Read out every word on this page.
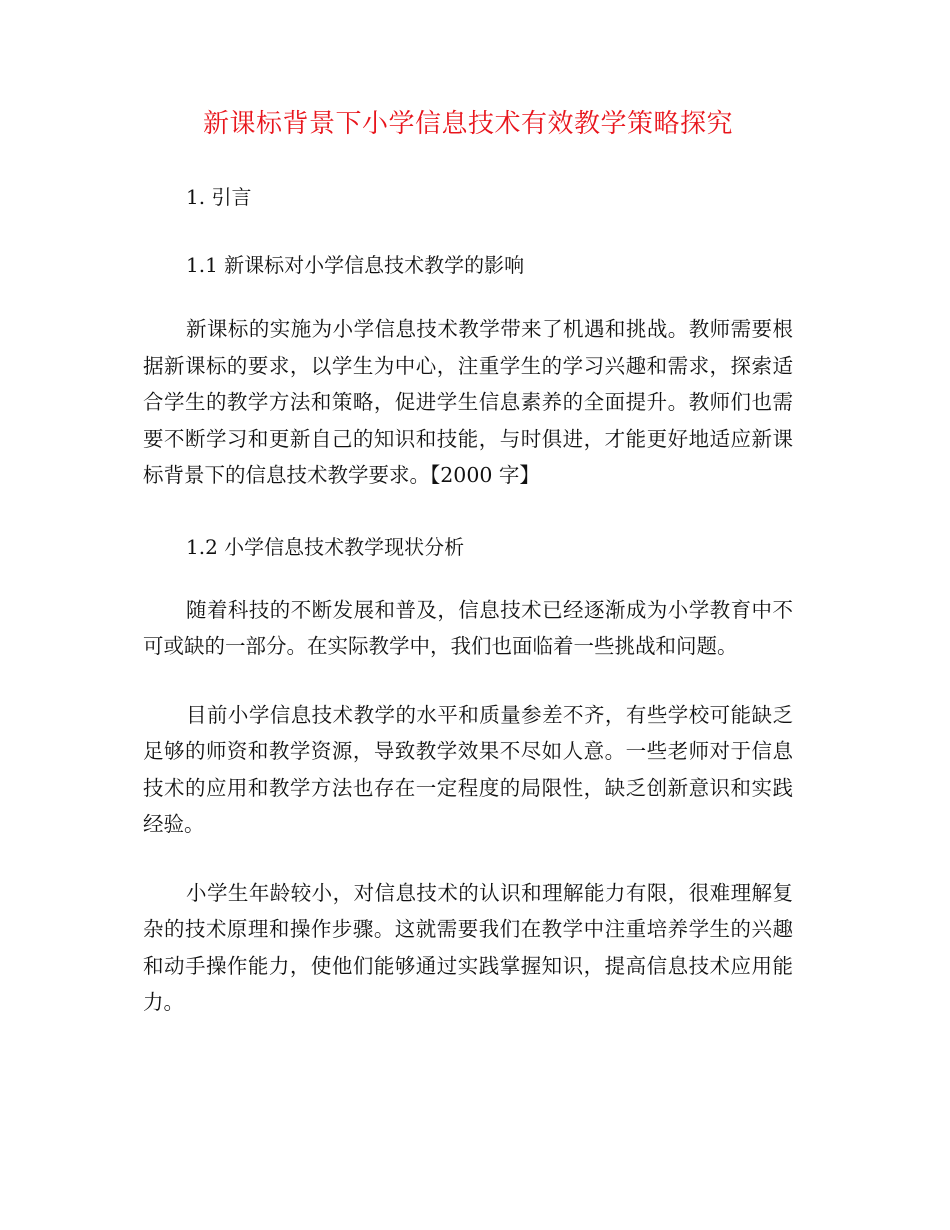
新课标背景下小学信息技术有效教学策略探究

1. 引言

1.1 新课标对小学信息技术教学的影响

新课标的实施为小学信息技术教学带来了机遇和挑战。教师需要根据新课标的要求，以学生为中心，注重学生的学习兴趣和需求，探索适合学生的教学方法和策略，促进学生信息素养的全面提升。教师们也需要不断学习和更新自己的知识和技能，与时俱进，才能更好地适应新课标背景下的信息技术教学要求。【2000 字】

1.2 小学信息技术教学现状分析

随着科技的不断发展和普及，信息技术已经逐渐成为小学教育中不可或缺的一部分。在实际教学中，我们也面临着一些挑战和问题。

目前小学信息技术教学的水平和质量参差不齐，有些学校可能缺乏足够的师资和教学资源，导致教学效果不尽如人意。一些老师对于信息技术的应用和教学方法也存在一定程度的局限性，缺乏创新意识和实践经验。

小学生年龄较小，对信息技术的认识和理解能力有限，很难理解复杂的技术原理和操作步骤。这就需要我们在教学中注重培养学生的兴趣和动手操作能力，使他们能够通过实践掌握知识，提高信息技术应用能力。
